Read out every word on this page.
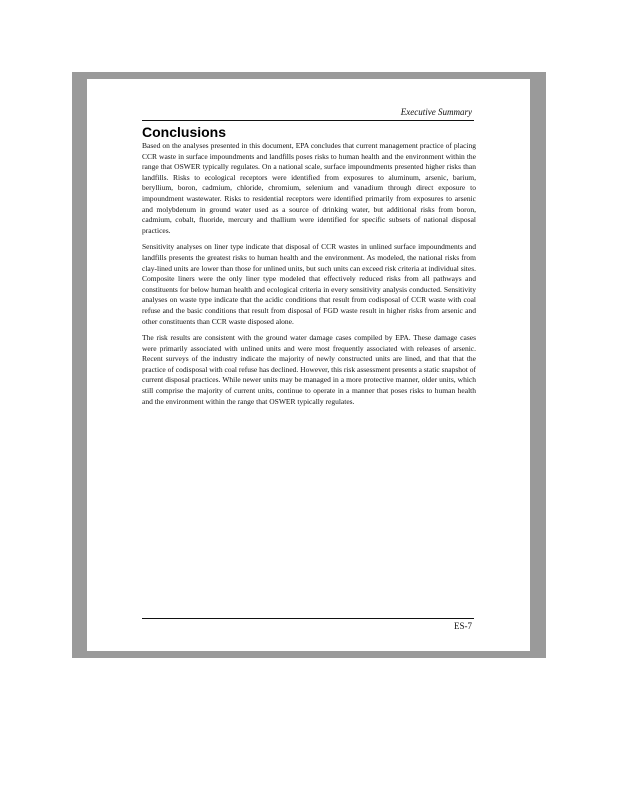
Executive Summary
Conclusions

Based on the analyses presented in this document, EPA concludes that current management practice of placing CCR waste in surface impoundments and landfills poses risks to human health and the environment within the range that OSWER typically regulates. On a national scale, surface impoundments presented higher risks than landfills. Risks to ecological receptors were identified from exposures to aluminum, arsenic, barium, beryllium, boron, cadmium, chloride, chromium, selenium and vanadium through direct exposure to impoundment wastewater. Risks to residential receptors were identified primarily from exposures to arsenic and molybdenum in ground water used as a source of drinking water, but additional risks from boron, cadmium, cobalt, fluoride, mercury and thallium were identified for specific subsets of national disposal practices.

Sensitivity analyses on liner type indicate that disposal of CCR wastes in unlined surface impoundments and landfills presents the greatest risks to human health and the environment. As modeled, the national risks from clay-lined units are lower than those for unlined units, but such units can exceed risk criteria at individual sites. Composite liners were the only liner type modeled that effectively reduced risks from all pathways and constituents for below human health and ecological criteria in every sensitivity analysis conducted. Sensitivity analyses on waste type indicate that the acidic conditions that result from codisposal of CCR waste with coal refuse and the basic conditions that result from disposal of FGD waste result in higher risks from arsenic and other constituents than CCR waste disposed alone.

The risk results are consistent with the ground water damage cases compiled by EPA. These damage cases were primarily associated with unlined units and were most frequently associated with releases of arsenic. Recent surveys of the industry indicate the majority of newly constructed units are lined, and that that the practice of codisposal with coal refuse has declined. However, this risk assessment presents a static snapshot of current disposal practices. While newer units may be managed in a more protective manner, older units, which still comprise the majority of current units, continue to operate in a manner that poses risks to human health and the environment within the range that OSWER typically regulates.

ES-7
